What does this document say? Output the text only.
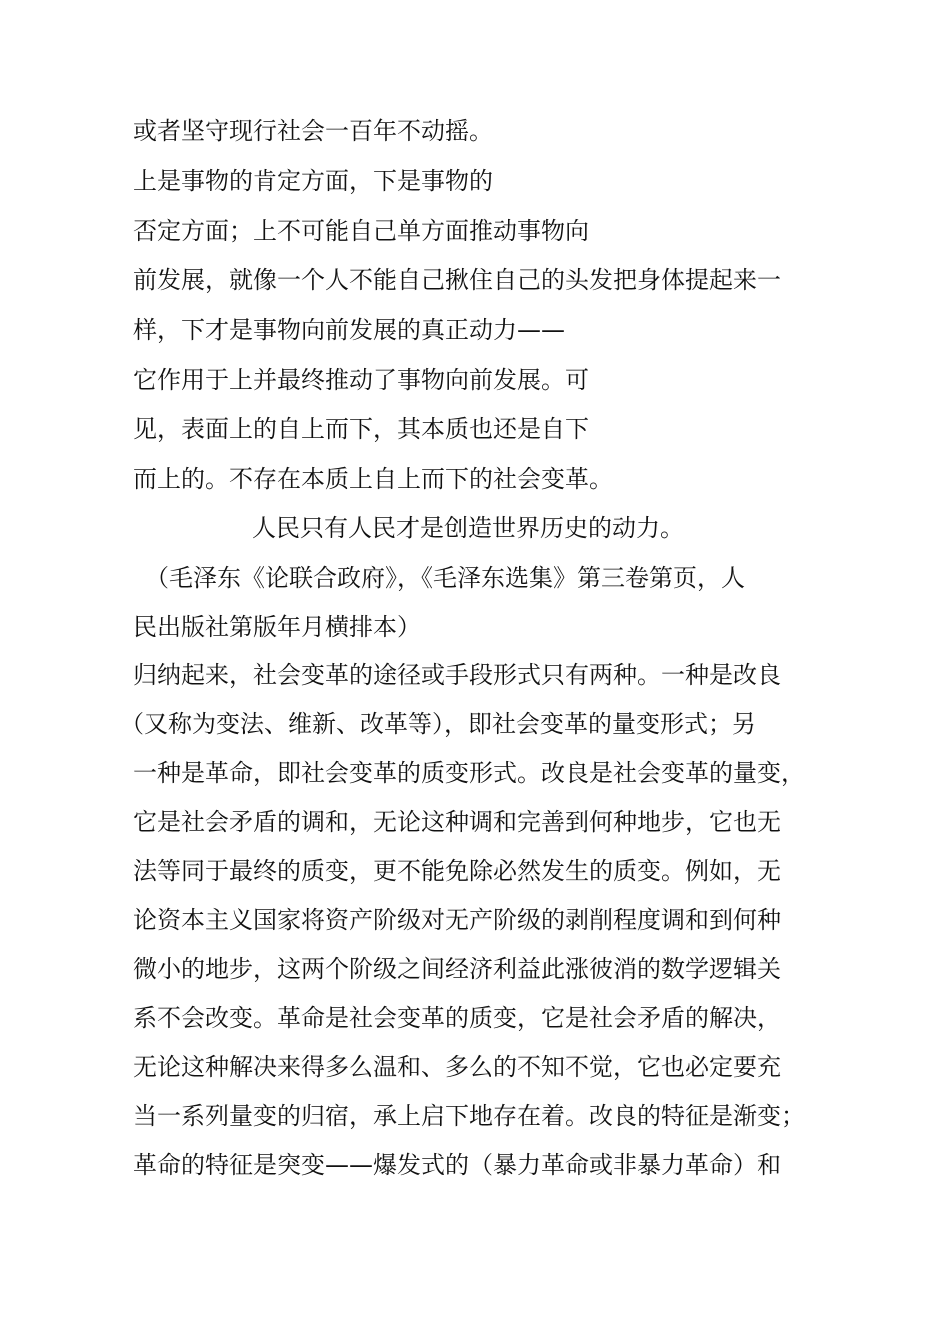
或者坚守现行社会一百年不动摇。
上是事物的肯定方面，下是事物的
否定方面；上不可能自己单方面推动事物向
前发展，就像一个人不能自己揪住自己的头发把身体提起来一
样，下才是事物向前发展的真正动力——
它作用于上并最终推动了事物向前发展。可
见，表面上的自上而下，其本质也还是自下
而上的。不存在本质上自上而下的社会变革。
人民只有人民才是创造世界历史的动力。
（毛泽东《论联合政府》，《毛泽东选集》第三卷第页，人
民出版社第版年月横排本）
归纳起来，社会变革的途径或手段形式只有两种。一种是改良
（又称为变法、维新、改革等），即社会变革的量变形式；另
一种是革命，即社会变革的质变形式。改良是社会变革的量变，
它是社会矛盾的调和，无论这种调和完善到何种地步，它也无
法等同于最终的质变，更不能免除必然发生的质变。例如，无
论资本主义国家将资产阶级对无产阶级的剥削程度调和到何种
微小的地步，这两个阶级之间经济利益此涨彼消的数学逻辑关
系不会改变。革命是社会变革的质变，它是社会矛盾的解决，
无论这种解决来得多么温和、多么的不知不觉，它也必定要充
当一系列量变的归宿，承上启下地存在着。改良的特征是渐变；
革命的特征是突变——爆发式的（暴力革命或非暴力革命）和
